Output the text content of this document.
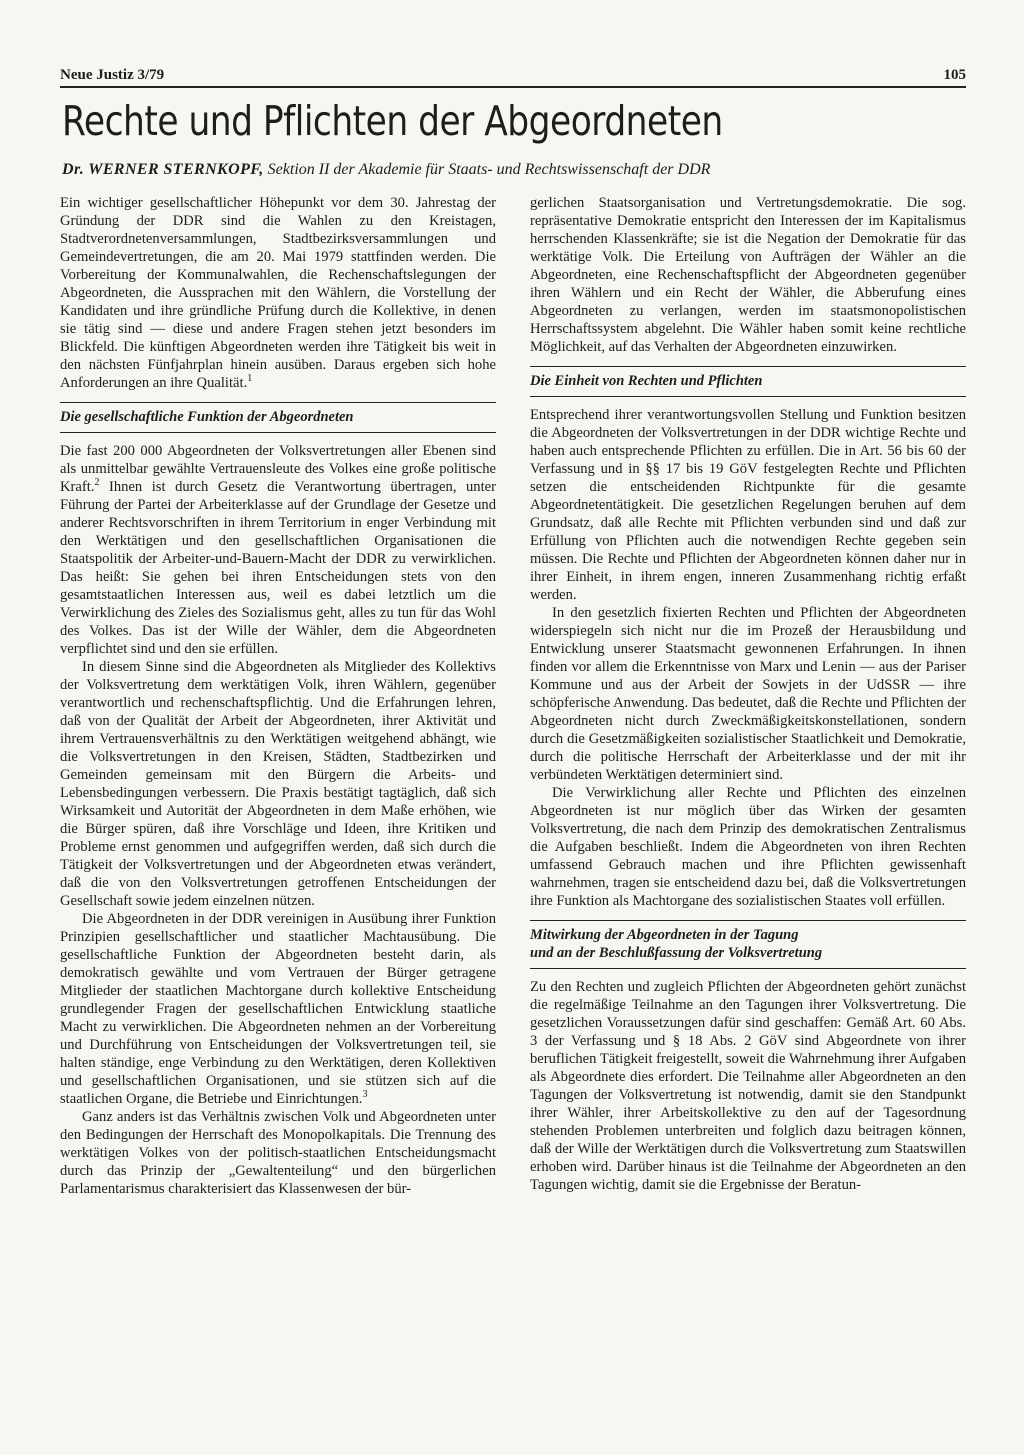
Neue Justiz 3/79	105
Rechte und Pflichten der Abgeordneten
Dr. WERNER STERNKOPF, Sektion II der Akademie für Staats- und Rechtswissenschaft der DDR

Ein wichtiger gesellschaftlicher Höhepunkt vor dem 30. Jahrestag der Gründung der DDR sind die Wahlen zu den Kreistagen, Stadtverordnetenversammlungen, Stadtbezirksversammlungen und Gemeindevertretungen, die am 20. Mai 1979 stattfinden werden. Die Vorbereitung der Kommunalwahlen, die Rechenschaftslegungen der Abgeordneten, die Aussprachen mit den Wählern, die Vorstellung der Kandidaten und ihre gründliche Prüfung durch die Kollektive, in denen sie tätig sind — diese und andere Fragen stehen jetzt besonders im Blickfeld. Die künftigen Abgeordneten werden ihre Tätigkeit bis weit in den nächsten Fünfjahrplan hinein ausüben. Daraus ergeben sich hohe Anforderungen an ihre Qualität.$^1$

Die gesellschaftliche Funktion der Abgeordneten

Die fast 200 000 Abgeordneten der Volksvertretungen aller Ebenen sind als unmittelbar gewählte Vertrauensleute des Volkes eine große politische Kraft.$^2$ Ihnen ist durch Gesetz die Verantwortung übertragen, unter Führung der Partei der Arbeiterklasse auf der Grundlage der Gesetze und anderer Rechtsvorschriften in ihrem Territorium in enger Verbindung mit den Werktätigen und den gesellschaftlichen Organisationen die Staatspolitik der Arbeiter-und-Bauern-Macht der DDR zu verwirklichen. Das heißt: Sie gehen bei ihren Entscheidungen stets von den gesamtstaatlichen Interessen aus, weil es dabei letztlich um die Verwirklichung des Zieles des Sozialismus geht, alles zu tun für das Wohl des Volkes. Das ist der Wille der Wähler, dem die Abgeordneten verpflichtet sind und den sie erfüllen.

In diesem Sinne sind die Abgeordneten als Mitglieder des Kollektivs der Volksvertretung dem werktätigen Volk, ihren Wählern, gegenüber verantwortlich und rechenschaftspflichtig. Und die Erfahrungen lehren, daß von der Qualität der Arbeit der Abgeordneten, ihrer Aktivität und ihrem Vertrauensverhältnis zu den Werktätigen weitgehend abhängt, wie die Volksvertretungen in den Kreisen, Städten, Stadtbezirken und Gemeinden gemeinsam mit den Bürgern die Arbeits- und Lebensbedingungen verbessern. Die Praxis bestätigt tagtäglich, daß sich Wirksamkeit und Autorität der Abgeordneten in dem Maße erhöhen, wie die Bürger spüren, daß ihre Vorschläge und Ideen, ihre Kritiken und Probleme ernst genommen und aufgegriffen werden, daß sich durch die Tätigkeit der Volksvertretungen und der Abgeordneten etwas verändert, daß die von den Volksvertretungen getroffenen Entscheidungen der Gesellschaft sowie jedem einzelnen nützen.

Die Abgeordneten in der DDR vereinigen in Ausübung ihrer Funktion Prinzipien gesellschaftlicher und staatlicher Machtausübung. Die gesellschaftliche Funktion der Abgeordneten besteht darin, als demokratisch gewählte und vom Vertrauen der Bürger getragene Mitglieder der staatlichen Machtorgane durch kollektive Entscheidung grundlegender Fragen der gesellschaftlichen Entwicklung staatliche Macht zu verwirklichen. Die Abgeordneten nehmen an der Vorbereitung und Durchführung von Entscheidungen der Volksvertretungen teil, sie halten ständige, enge Verbindung zu den Werktätigen, deren Kollektiven und gesellschaftlichen Organisationen, und sie stützen sich auf die staatlichen Organe, die Betriebe und Einrichtungen.$^3$

Ganz anders ist das Verhältnis zwischen Volk und Abgeordneten unter den Bedingungen der Herrschaft des Monopolkapitals. Die Trennung des werktätigen Volkes von der politisch-staatlichen Entscheidungsmacht durch das Prinzip der „Gewaltenteilung“ und den bürgerlichen Parlamentarismus charakterisiert das Klassenwesen der bür-

gerlichen Staatsorganisation und Vertretungsdemokratie. Die sog. repräsentative Demokratie entspricht den Interessen der im Kapitalismus herrschenden Klassenkräfte; sie ist die Negation der Demokratie für das werktätige Volk. Die Erteilung von Aufträgen der Wähler an die Abgeordneten, eine Rechenschaftspflicht der Abgeordneten gegenüber ihren Wählern und ein Recht der Wähler, die Abberufung eines Abgeordneten zu verlangen, werden im staatsmonopolistischen Herrschaftssystem abgelehnt. Die Wähler haben somit keine rechtliche Möglichkeit, auf das Verhalten der Abgeordneten einzuwirken.

Die Einheit von Rechten und Pflichten

Entsprechend ihrer verantwortungsvollen Stellung und Funktion besitzen die Abgeordneten der Volksvertretungen in der DDR wichtige Rechte und haben auch entsprechende Pflichten zu erfüllen. Die in Art. 56 bis 60 der Verfassung und in §§ 17 bis 19 GöV festgelegten Rechte und Pflichten setzen die entscheidenden Richtpunkte für die gesamte Abgeordnetentätigkeit. Die gesetzlichen Regelungen beruhen auf dem Grundsatz, daß alle Rechte mit Pflichten verbunden sind und daß zur Erfüllung von Pflichten auch die notwendigen Rechte gegeben sein müssen. Die Rechte und Pflichten der Abgeordneten können daher nur in ihrer Einheit, in ihrem engen, inneren Zusammenhang richtig erfaßt werden.

In den gesetzlich fixierten Rechten und Pflichten der Abgeordneten widerspiegeln sich nicht nur die im Prozeß der Herausbildung und Entwicklung unserer Staatsmacht gewonnenen Erfahrungen. In ihnen finden vor allem die Erkenntnisse von Marx und Lenin — aus der Pariser Kommune und aus der Arbeit der Sowjets in der UdSSR — ihre schöpferische Anwendung. Das bedeutet, daß die Rechte und Pflichten der Abgeordneten nicht durch Zweckmäßigkeitskonstellationen, sondern durch die Gesetzmäßigkeiten sozialistischer Staatlichkeit und Demokratie, durch die politische Herrschaft der Arbeiterklasse und der mit ihr verbündeten Werktätigen determiniert sind.

Die Verwirklichung aller Rechte und Pflichten des einzelnen Abgeordneten ist nur möglich über das Wirken der gesamten Volksvertretung, die nach dem Prinzip des demokratischen Zentralismus die Aufgaben beschließt. Indem die Abgeordneten von ihren Rechten umfassend Gebrauch machen und ihre Pflichten gewissenhaft wahrnehmen, tragen sie entscheidend dazu bei, daß die Volksvertretungen ihre Funktion als Machtorgane des sozialistischen Staates voll erfüllen.

Mitwirkung der Abgeordneten in der Tagung
und an der Beschlußfassung der Volksvertretung

Zu den Rechten und zugleich Pflichten der Abgeordneten gehört zunächst die regelmäßige Teilnahme an den Tagungen ihrer Volksvertretung. Die gesetzlichen Voraussetzungen dafür sind geschaffen: Gemäß Art. 60 Abs. 3 der Verfassung und § 18 Abs. 2 GöV sind Abgeordnete von ihrer beruflichen Tätigkeit freigestellt, soweit die Wahrnehmung ihrer Aufgaben als Abgeordnete dies erfordert. Die Teilnahme aller Abgeordneten an den Tagungen der Volksvertretung ist notwendig, damit sie den Standpunkt ihrer Wähler, ihrer Arbeitskollektive zu den auf der Tagesordnung stehenden Problemen unterbreiten und folglich dazu beitragen können, daß der Wille der Werktätigen durch die Volksvertretung zum Staatswillen erhoben wird. Darüber hinaus ist die Teilnahme der Abgeordneten an den Tagungen wichtig, damit sie die Ergebnisse der Beratun-
